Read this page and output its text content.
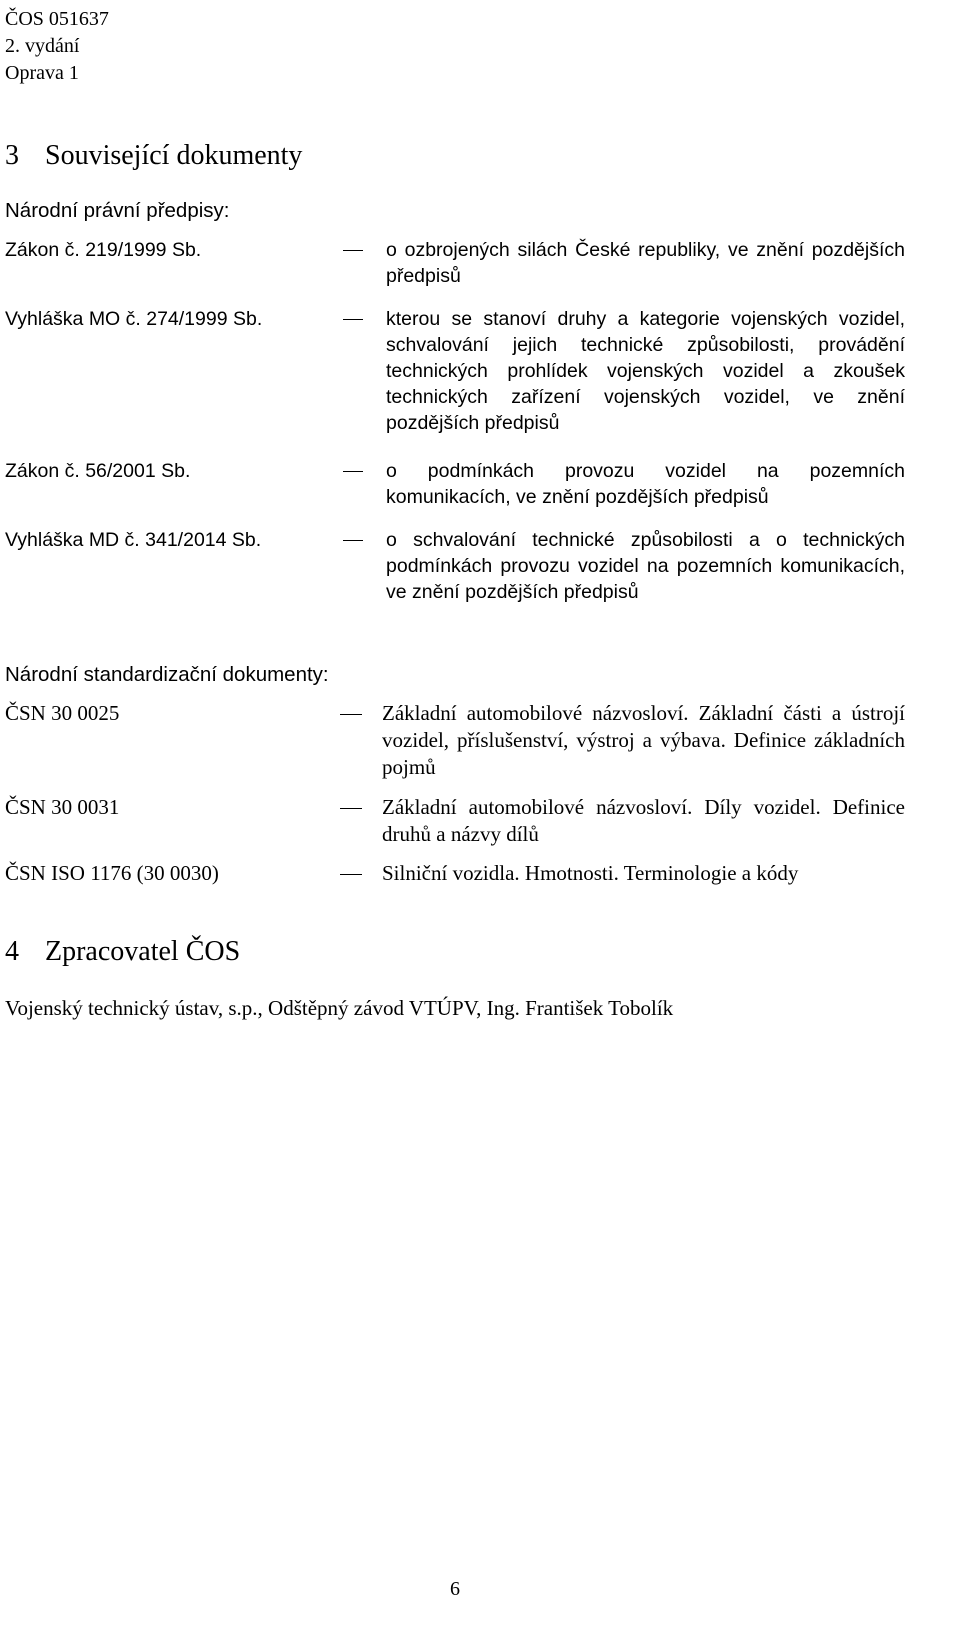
ČOS 051637
2. vydání
Oprava 1
3 Související dokumenty
Národní právní předpisy:
Zákon č. 219/1999 Sb.	o ozbrojených silách České republiky, ve znění pozdějších předpisů
Vyhláška MO č. 274/1999 Sb.	kterou se stanoví druhy a kategorie vojenských vozidel, schvalování jejich technické způsobilosti, provádění technických prohlídek vojenských vozidel a zkoušek technických zařízení vojenských vozidel, ve znění pozdějších předpisů
Zákon č. 56/2001 Sb.	o podmínkách provozu vozidel na pozemních komunikacích, ve znění pozdějších předpisů
Vyhláška MD č. 341/2014 Sb.	o schvalování technické způsobilosti a o technických podmínkách provozu vozidel na pozemních komunikacích, ve znění pozdějších předpisů
Národní standardizační dokumenty:
ČSN 30 0025	Základní automobilové názvosloví. Základní části a ústrojí vozidel, příslušenství, výstroj a výbava. Definice základních pojmů
ČSN 30 0031	Základní automobilové názvosloví. Díly vozidel. Definice druhů a názvy dílů
ČSN ISO 1176 (30 0030)	Silniční vozidla. Hmotnosti. Terminologie a kódy
4 Zpracovatel ČOS
Vojenský technický ústav, s.p., Odštěpný závod VTÚPV, Ing. František Tobolík
6
